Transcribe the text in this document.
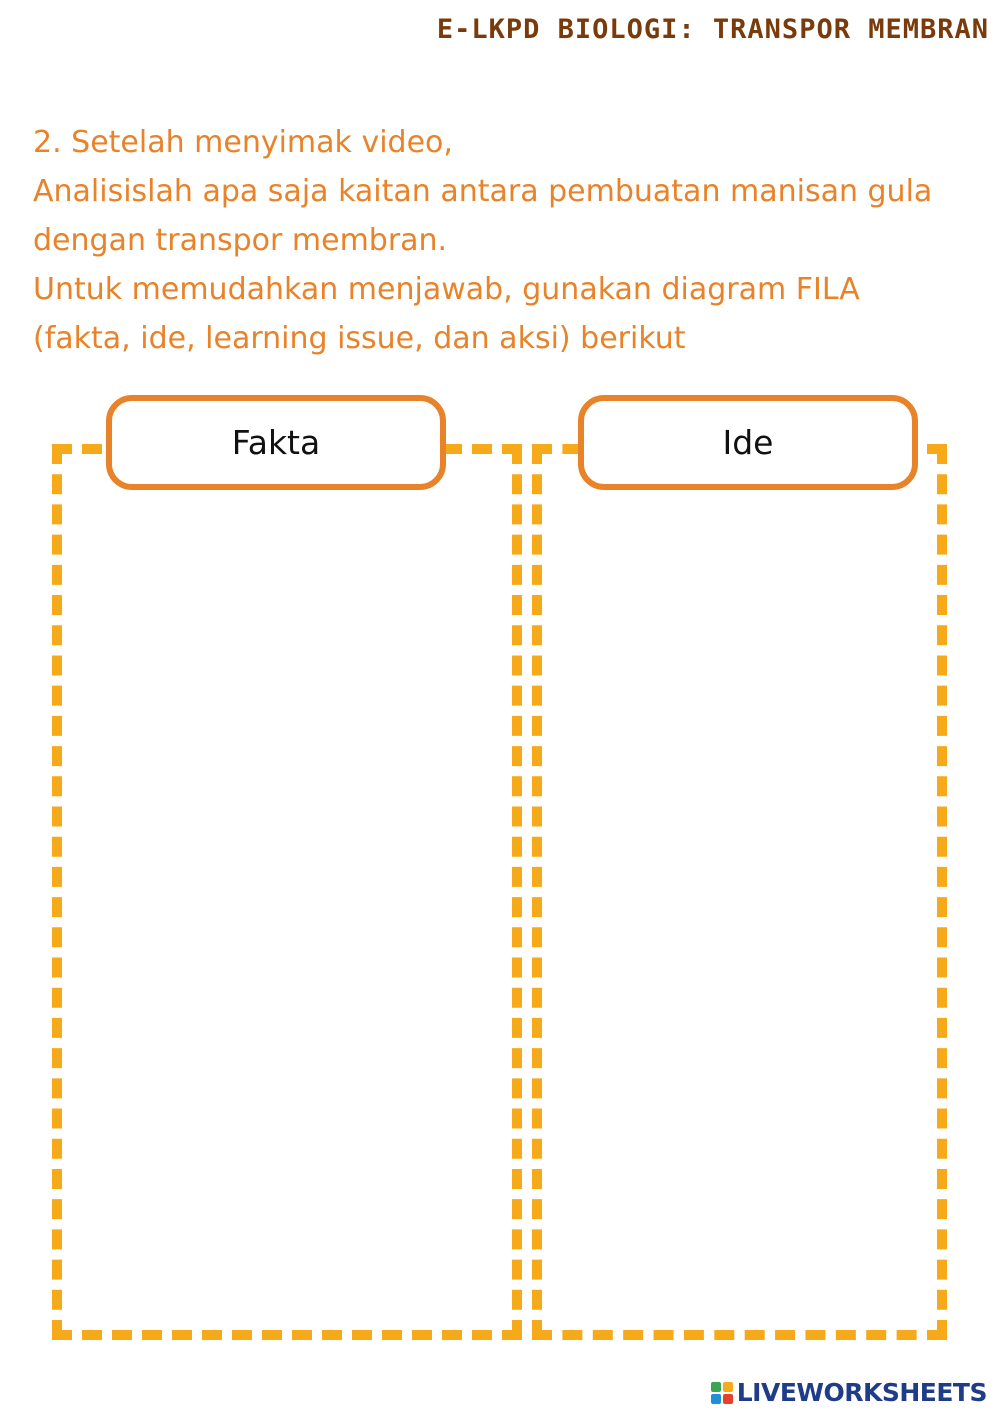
E-LKPD BIOLOGI: TRANSPOR MEMBRAN
2. Setelah menyimak video,
Analisislah apa saja kaitan antara pembuatan manisan gula
dengan transpor membran.
Untuk memudahkan menjawab, gunakan diagram FILA
(fakta, ide, learning issue, dan aksi) berikut
Fakta	Ide
LIVEWORKSHEETS
